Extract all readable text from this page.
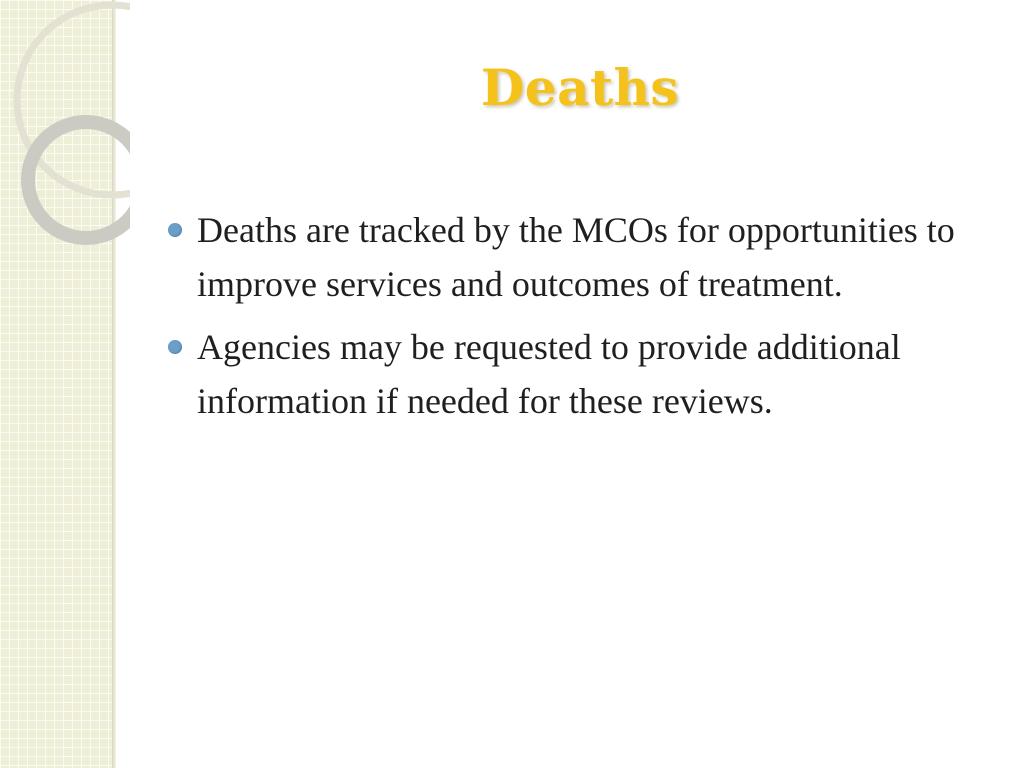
Deaths
Deaths are tracked by the MCOs for opportunities to improve services and outcomes of treatment.
Agencies may be requested to provide additional information if needed for these reviews.
